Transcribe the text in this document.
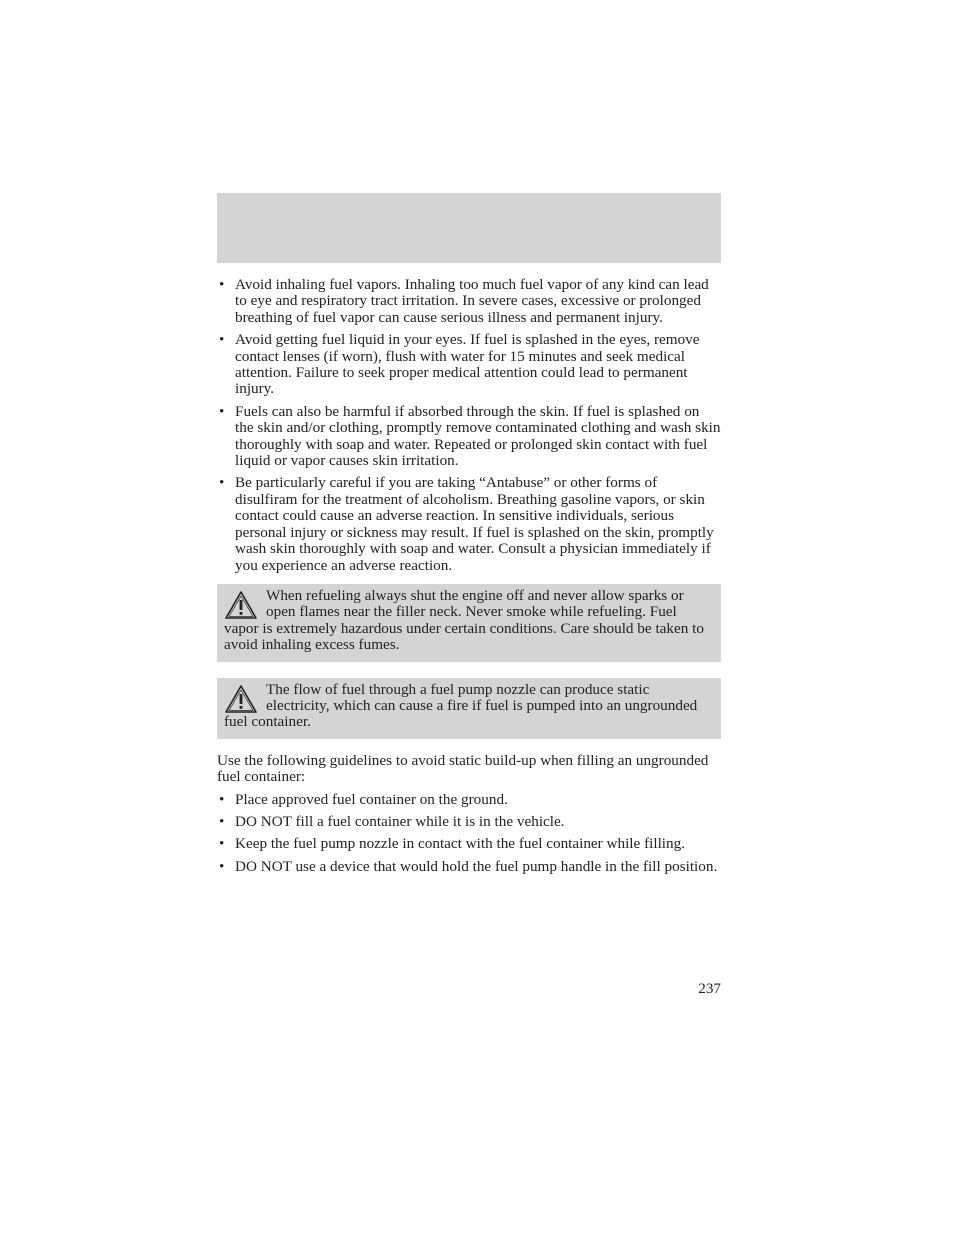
• Avoid inhaling fuel vapors. Inhaling too much fuel vapor of any kind can lead to eye and respiratory tract irritation. In severe cases, excessive or prolonged breathing of fuel vapor can cause serious illness and permanent injury.
• Avoid getting fuel liquid in your eyes. If fuel is splashed in the eyes, remove contact lenses (if worn), flush with water for 15 minutes and seek medical attention. Failure to seek proper medical attention could lead to permanent injury.
• Fuels can also be harmful if absorbed through the skin. If fuel is splashed on the skin and/or clothing, promptly remove contaminated clothing and wash skin thoroughly with soap and water. Repeated or prolonged skin contact with fuel liquid or vapor causes skin irritation.
• Be particularly careful if you are taking “Antabuse” or other forms of disulfiram for the treatment of alcoholism. Breathing gasoline vapors, or skin contact could cause an adverse reaction. In sensitive individuals, serious personal injury or sickness may result. If fuel is splashed on the skin, promptly wash skin thoroughly with soap and water. Consult a physician immediately if you experience an adverse reaction.
When refueling always shut the engine off and never allow sparks or open flames near the filler neck. Never smoke while refueling. Fuel vapor is extremely hazardous under certain conditions. Care should be taken to avoid inhaling excess fumes.
The flow of fuel through a fuel pump nozzle can produce static electricity, which can cause a fire if fuel is pumped into an ungrounded fuel container.
Use the following guidelines to avoid static build-up when filling an ungrounded fuel container:
• Place approved fuel container on the ground.
• DO NOT fill a fuel container while it is in the vehicle.
• Keep the fuel pump nozzle in contact with the fuel container while filling.
• DO NOT use a device that would hold the fuel pump handle in the fill position.
237
